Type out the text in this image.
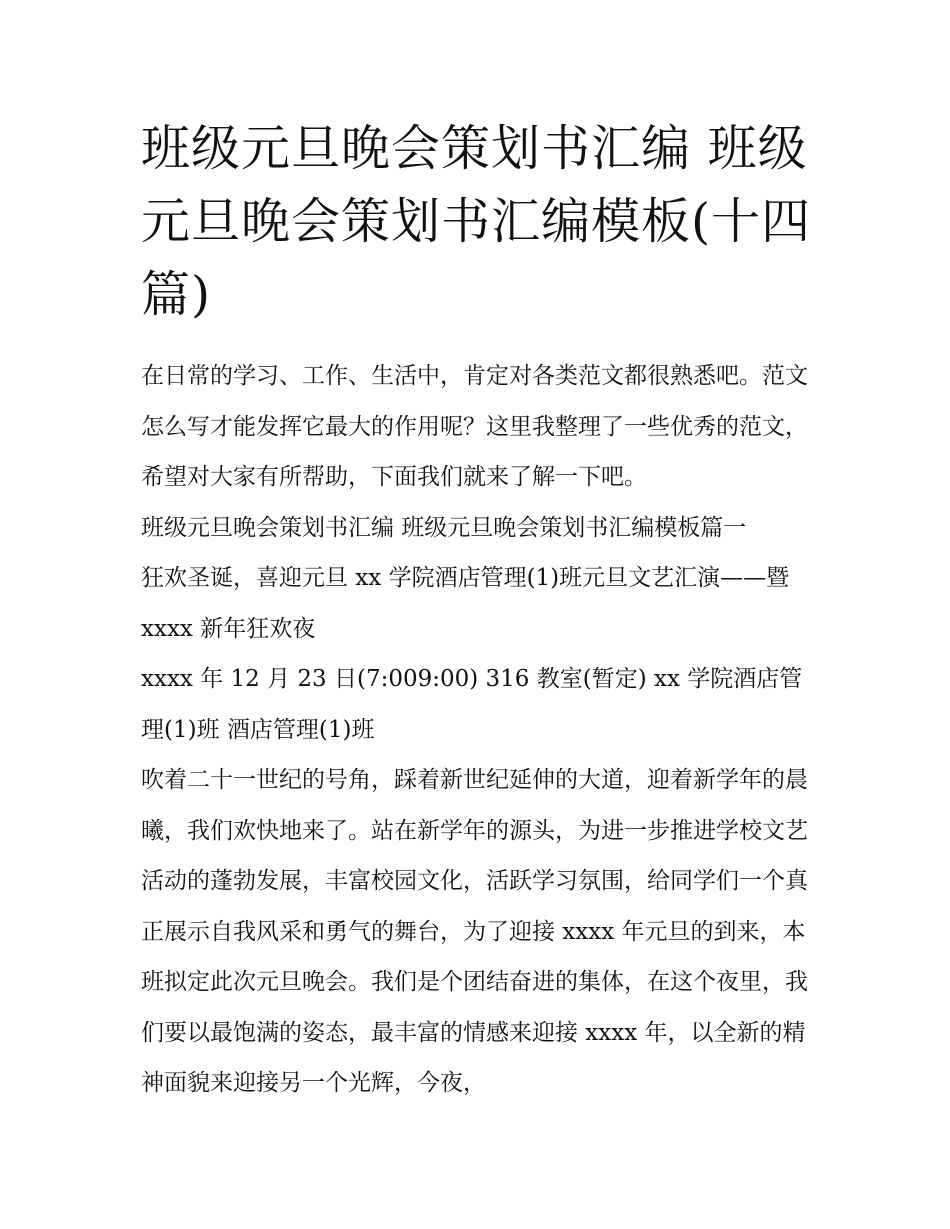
班级元旦晚会策划书汇编 班级元旦晚会策划书汇编模板(十四篇)

在日常的学习、工作、生活中，肯定对各类范文都很熟悉吧。范文怎么写才能发挥它最大的作用呢？这里我整理了一些优秀的范文，希望对大家有所帮助，下面我们就来了解一下吧。

班级元旦晚会策划书汇编 班级元旦晚会策划书汇编模板篇一

狂欢圣诞，喜迎元旦 xx 学院酒店管理(1)班元旦文艺汇演——暨 xxxx 新年狂欢夜

xxxx 年 12 月 23 日(7:009:00) 316 教室(暂定) xx 学院酒店管理(1)班 酒店管理(1)班

吹着二十一世纪的号角，踩着新世纪延伸的大道，迎着新学年的晨曦，我们欢快地来了。站在新学年的源头，为进一步推进学校文艺活动的蓬勃发展，丰富校园文化，活跃学习氛围，给同学们一个真正展示自我风采和勇气的舞台，为了迎接 xxxx 年元旦的到来，本班拟定此次元旦晚会。我们是个团结奋进的集体，在这个夜里，我们要以最饱满的姿态，最丰富的情感来迎接 xxxx 年，以全新的精神面貌来迎接另一个光辉，今夜，
